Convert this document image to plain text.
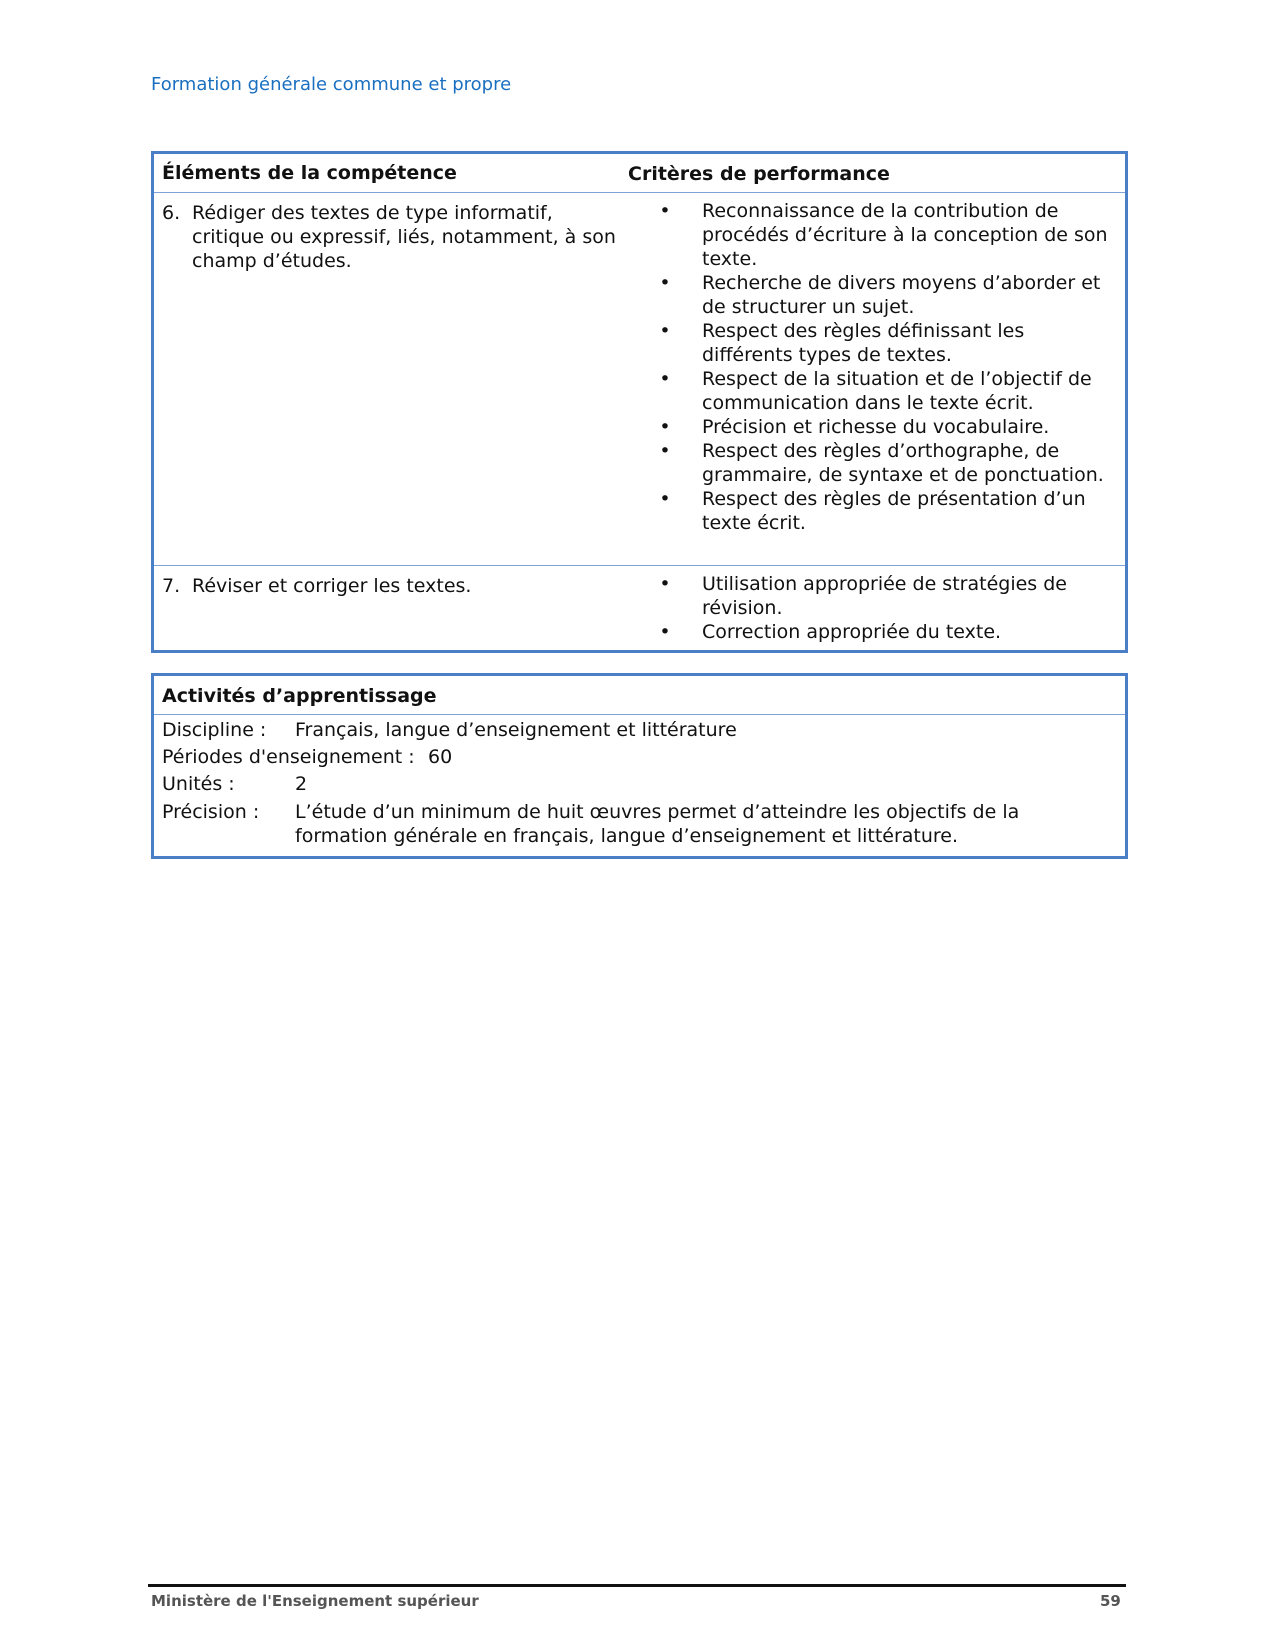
Formation générale commune et propre
Éléments de la compétence	Critères de performance
6. Rédiger des textes de type informatif, critique ou expressif, liés, notamment, à son champ d’études.
•	Reconnaissance de la contribution de procédés d’écriture à la conception de son texte.
•	Recherche de divers moyens d’aborder et de structurer un sujet.
•	Respect des règles définissant les différents types de textes.
•	Respect de la situation et de l’objectif de communication dans le texte écrit.
•	Précision et richesse du vocabulaire.
•	Respect des règles d’orthographe, de grammaire, de syntaxe et de ponctuation.
•	Respect des règles de présentation d’un texte écrit.
7. Réviser et corriger les textes.	•	Utilisation appropriée de stratégies de révision.
•	Correction appropriée du texte.
Activités d’apprentissage
Discipline :	Français, langue d’enseignement et littérature
Périodes d'enseignement : 60
Unités :	2
Précision :	L’étude d’un minimum de huit œuvres permet d’atteindre les objectifs de la formation générale en français, langue d’enseignement et littérature.
Ministère de l'Enseignement supérieur	59
